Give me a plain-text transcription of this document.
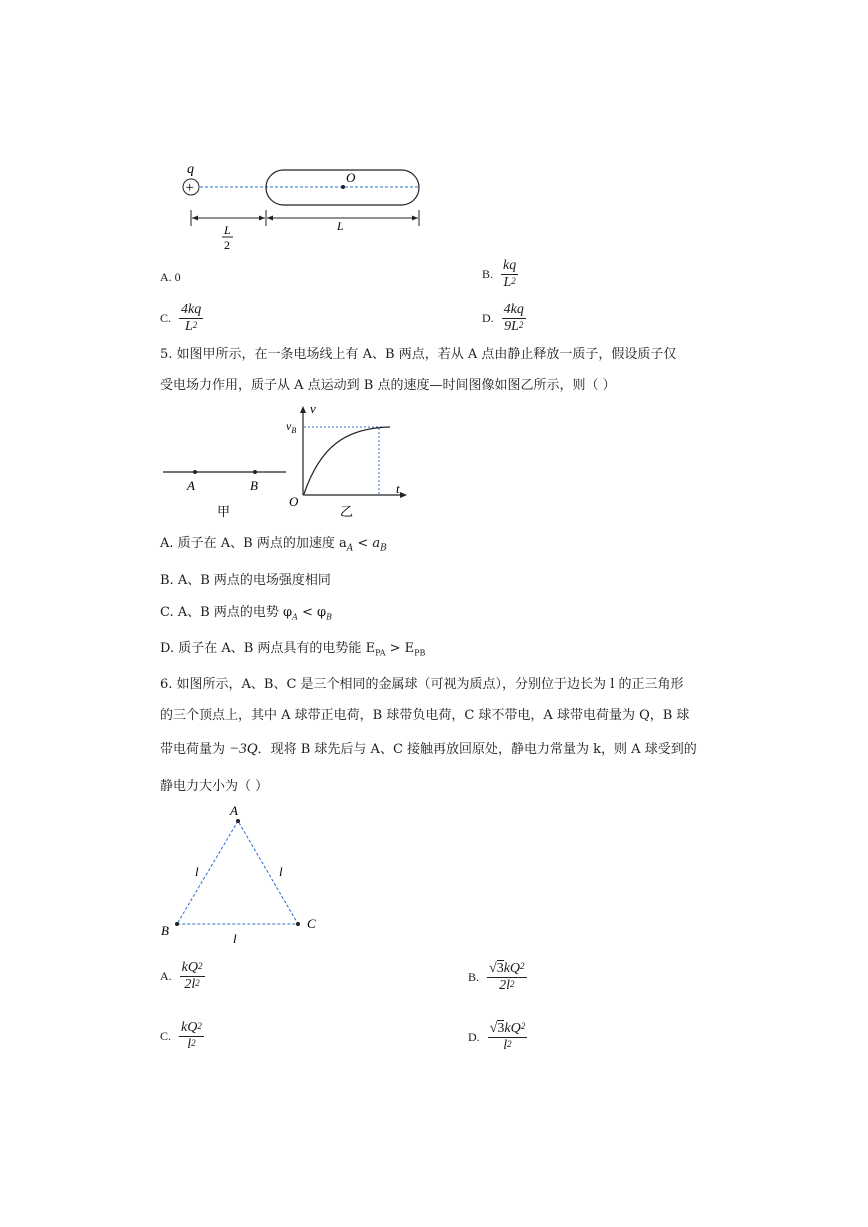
q
+
O
L
2
L
A. 0	B. $\frac{kq}{L^2}$
C. $\frac{4kq}{L^2}$	D. $\frac{4kq}{9L^2}$
5. 如图甲所示，在一条电场线上有 A、B 两点，若从 A 点由静止释放一质子，假设质子仅
受电场力作用，质子从 A 点运动到 B 点的速度—时间图像如图乙所示，则（ ）
A	B
甲
v
t
O
$v_B$
乙
A. 质子在 A、B 两点的加速度 $a_A < a_B$
B. A、B 两点的电场强度相同
C. A、B 两点的电势 $\varphi_A < \varphi_B$
D. 质子在 A、B 两点具有的电势能 $E_{PA} > E_{PB}$
6. 如图所示，A、B、C 是三个相同的金属球（可视为质点），分别位于边长为 l 的正三角形
的三个顶点上，其中 A 球带正电荷，B 球带负电荷，C 球不带电，A 球带电荷量为 Q，B 球
带电荷量为 −3Q．现将 B 球先后与 A、C 接触再放回原处，静电力常量为 k，则 A 球受到的
静电力大小为（ ）
A
B	C
l	l
l
A. $\frac{kQ^2}{2l^2}$	B. $\frac{√3kQ^2}{2l^2}$
C. $\frac{kQ^2}{l^2}$	D. $\frac{√3kQ^2}{l^2}$
